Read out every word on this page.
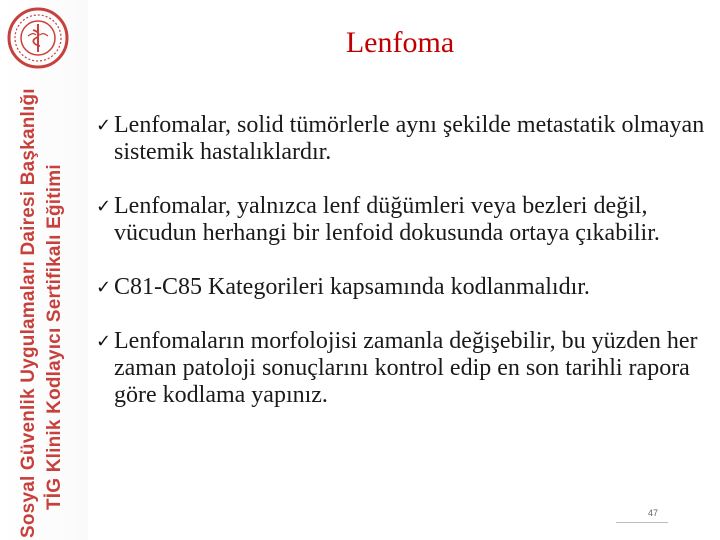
Sosyal Güvenlik Uygulamaları Dairesi Başkanlığı TİG Klinik Kodlayıcı Sertifikalı Eğitimi
Lenfoma
✓ Lenfomalar, solid tümörlerle aynı şekilde metastatik olmayan sistemik hastalıklardır.
✓ Lenfomalar, yalnızca lenf düğümleri veya bezleri değil, vücudun herhangi bir lenfoid dokusunda ortaya çıkabilir.
✓ C81-C85 Kategorileri kapsamında kodlanmalıdır.
✓ Lenfomaların morfolojisi zamanla değişebilir, bu yüzden her zaman patoloji sonuçlarını kontrol edip en son tarihli rapora göre kodlama yapınız.
47
